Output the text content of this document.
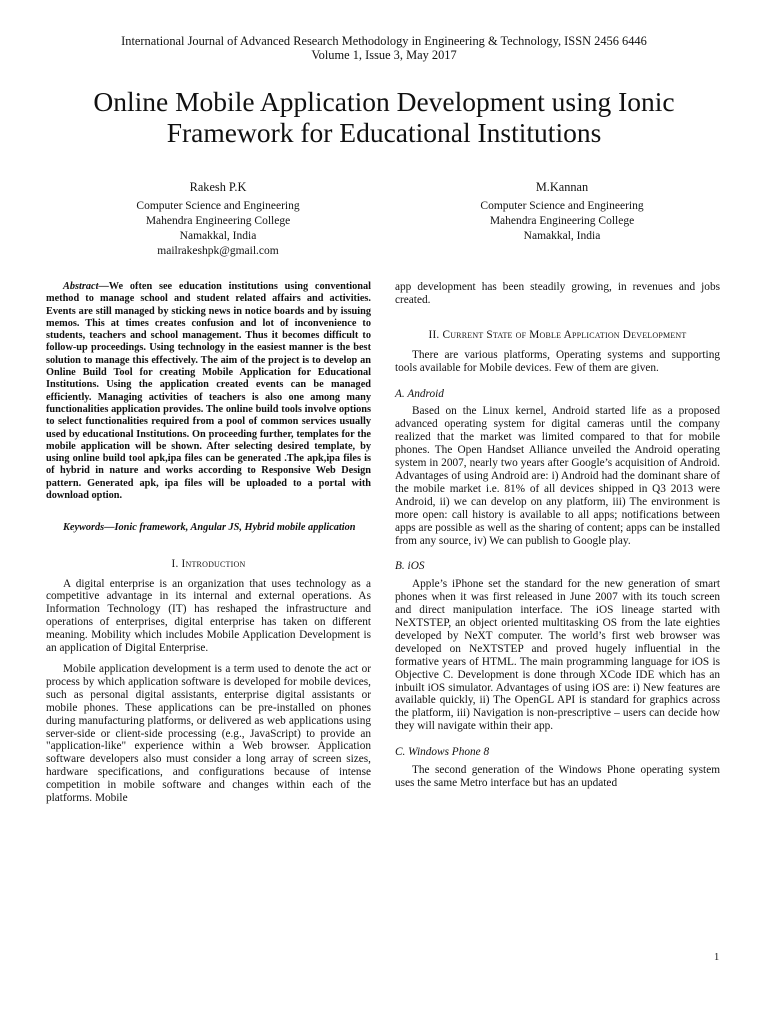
International Journal of Advanced Research Methodology in Engineering & Technology, ISSN 2456 6446
Volume 1, Issue 3, May 2017
Online Mobile Application Development using Ionic
Framework for Educational Institutions
Rakesh P.K
Computer Science and Engineering
Mahendra Engineering College
Namakkal, India
mailrakeshpk@gmail.com
M.Kannan
Computer Science and Engineering
Mahendra Engineering College
Namakkal, India

Abstract—We often see education institutions using conventional method to manage school and student related affairs and activities. Events are still managed by sticking news in notice boards and by issuing memos. This at times creates confusion and lot of inconvenience to students, teachers and school management. Thus it becomes difficult to follow-up proceedings. Using technology in the easiest manner is the best solution to manage this effectively. The aim of the project is to develop an Online Build Tool for creating Mobile Application for Educational Institutions. Using the application created events can be managed efficiently. Managing activities of teachers is also one among many functionalities application provides. The online build tools involve options to select functionalities required from a pool of common services usually used by educational Institutions. On proceeding further, templates for the mobile application will be shown. After selecting desired template, by using online build tool apk,ipa files can be generated .The apk,ipa files is of hybrid in nature and works according to Responsive Web Design pattern. Generated apk, ipa files will be uploaded to a portal with download option.

Keywords—Ionic framework, Angular JS, Hybrid mobile application

I. Introduction

A digital enterprise is an organization that uses technology as a competitive advantage in its internal and external operations. As Information Technology (IT) has reshaped the infrastructure and operations of enterprises, digital enterprise has taken on different meaning. Mobility which includes Mobile Application Development is an application of Digital Enterprise.

Mobile application development is a term used to denote the act or process by which application software is developed for mobile devices, such as personal digital assistants, enterprise digital assistants or mobile phones. These applications can be pre-installed on phones during manufacturing platforms, or delivered as web applications using server-side or client-side processing (e.g., JavaScript) to provide an "application-like" experience within a Web browser. Application software developers also must consider a long array of screen sizes, hardware specifications, and configurations because of intense competition in mobile software and changes within each of the platforms. Mobile

app development has been steadily growing, in revenues and jobs created.

II. Current State of Moble Application Development

There are various platforms, Operating systems and supporting tools available for Mobile devices. Few of them are given.

A. Android

Based on the Linux kernel, Android started life as a proposed advanced operating system for digital cameras until the company realized that the market was limited compared to that for mobile phones. The Open Handset Alliance unveiled the Android operating system in 2007, nearly two years after Google’s acquisition of Android. Advantages of using Android are: i) Android had the dominant share of the mobile market i.e. 81% of all devices shipped in Q3 2013 were Android, ii) we can develop on any platform, iii) The environment is more open: call history is available to all apps; notifications between apps are possible as well as the sharing of content; apps can be installed from any source, iv) We can publish to Google play.

B. iOS

Apple’s iPhone set the standard for the new generation of smart phones when it was first released in June 2007 with its touch screen and direct manipulation interface. The iOS lineage started with NeXTSTEP, an object oriented multitasking OS from the late eighties developed by NeXT computer. The world’s first web browser was developed on NeXTSTEP and proved hugely influential in the formative years of HTML. The main programming language for iOS is Objective C. Development is done through XCode IDE which has an inbuilt iOS simulator. Advantages of using iOS are: i) New features are available quickly, ii) The OpenGL API is standard for graphics across the platform, iii) Navigation is non-prescriptive – users can decide how they will navigate within their app.

C. Windows Phone 8

The second generation of the Windows Phone operating system uses the same Metro interface but has an updated

1
